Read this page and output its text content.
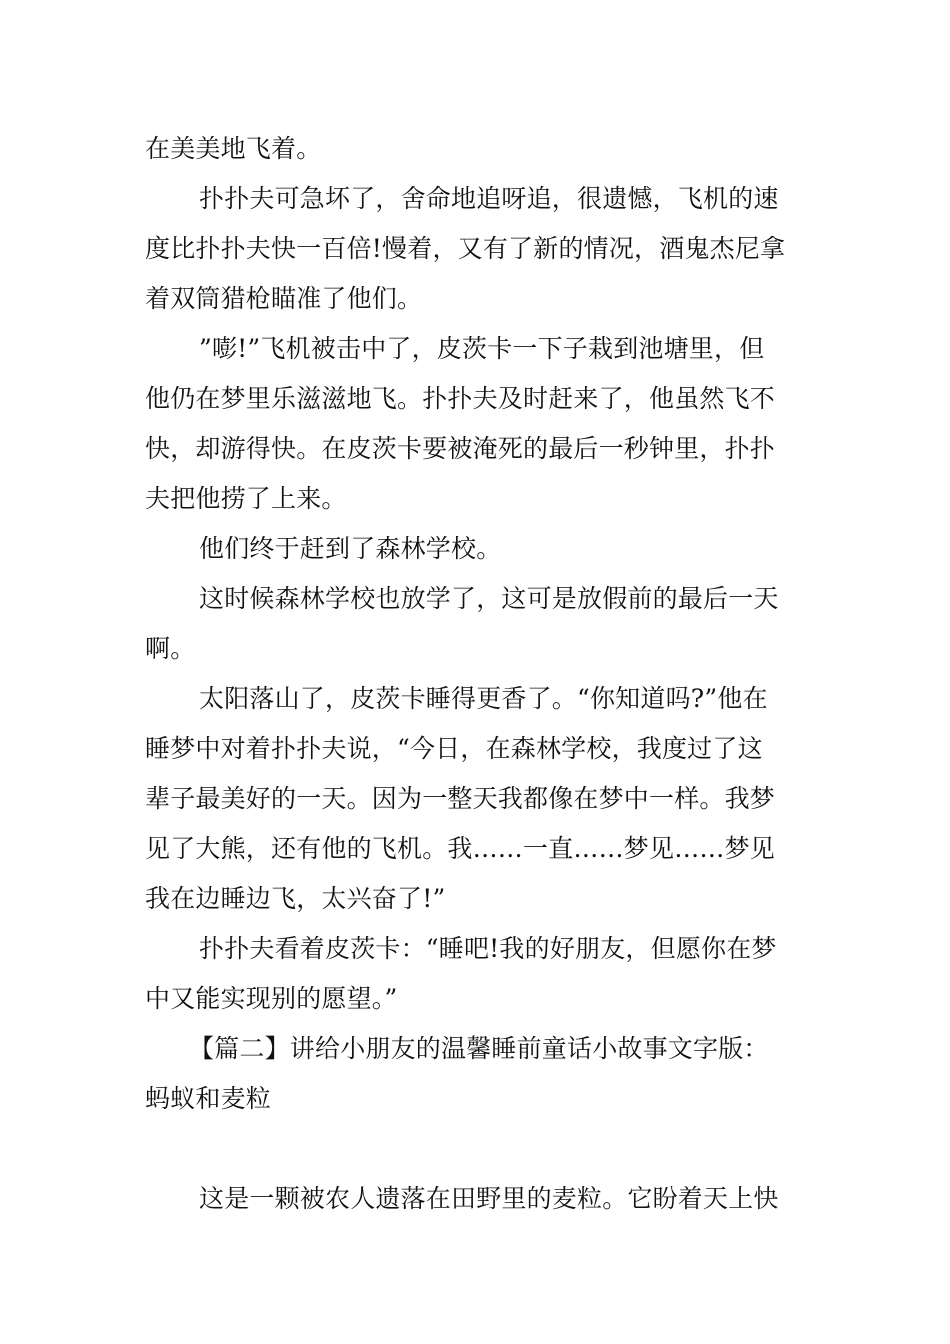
在美美地飞着。
扑扑夫可急坏了，舍命地追呀追，很遗憾，飞机的速
度比扑扑夫快一百倍!慢着，又有了新的情况，酒鬼杰尼拿
着双筒猎枪瞄准了他们。
”嘭!”飞机被击中了，皮茨卡一下子栽到池塘里，但
他仍在梦里乐滋滋地飞。扑扑夫及时赶来了，他虽然飞不
快，却游得快。在皮茨卡要被淹死的最后一秒钟里，扑扑
夫把他捞了上来。
他们终于赶到了森林学校。
这时候森林学校也放学了，这可是放假前的最后一天
啊。
太阳落山了，皮茨卡睡得更香了。“你知道吗?”他在
睡梦中对着扑扑夫说，“今日，在森林学校，我度过了这
辈子最美好的一天。因为一整天我都像在梦中一样。我梦
见了大熊，还有他的飞机。我……一直……梦见……梦见
我在边睡边飞，太兴奋了!”
扑扑夫看着皮茨卡：“睡吧!我的好朋友，但愿你在梦
中又能实现别的愿望。”
【篇二】讲给小朋友的温馨睡前童话小故事文字版：
蚂蚁和麦粒
这是一颗被农人遗落在田野里的麦粒。它盼着天上快
